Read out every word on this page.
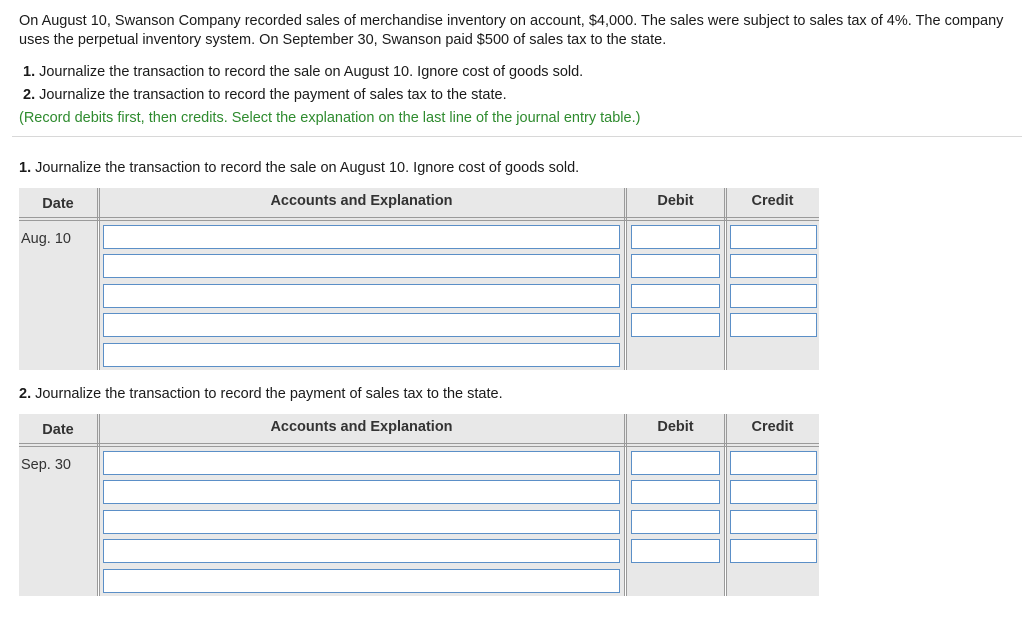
On August 10, Swanson Company recorded sales of merchandise inventory on account, $4,000. The sales were subject to sales tax of 4%. The company uses the perpetual inventory system. On September 30, Swanson paid $500 of sales tax to the state.

1. Journalize the transaction to record the sale on August 10. Ignore cost of goods sold.

2. Journalize the transaction to record the payment of sales tax to the state.

(Record debits first, then credits. Select the explanation on the last line of the journal entry table.)

1. Journalize the transaction to record the sale on August 10. Ignore cost of goods sold.

Date	Accounts and Explanation	Debit	Credit
Aug. 10

2. Journalize the transaction to record the payment of sales tax to the state.

Date	Accounts and Explanation	Debit	Credit
Sep. 30
